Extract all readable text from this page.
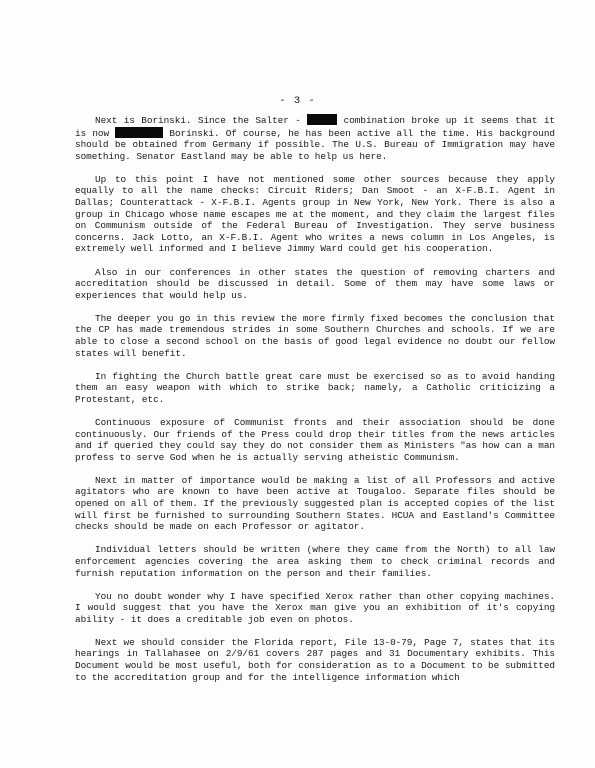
- 3 -

Next is Borinski. Since the Salter -	combination broke up it seems that it is now	Borinski. Of course, he has been active all the time. His background should be obtained from Germany if possible. The U.S. Bureau of Immigration may have something. Senator Eastland may be able to help us here.

Up to this point I have not mentioned some other sources because they apply equally to all the name checks: Circuit Riders; Dan Smoot - an X-F.B.I. Agent in Dallas; Counterattack - X-F.B.I. Agents group in New York, New York. There is also a group in Chicago whose name escapes me at the moment, and they claim the largest files on Communism outside of the Federal Bureau of Investigation. They serve business concerns. Jack Lotto, an X-F.B.I. Agent who writes a news column in Los Angeles, is extremely well informed and I believe Jimmy Ward could get his cooperation.

Also in our conferences in other states the question of removing charters and accreditation should be discussed in detail. Some of them may have some laws or experiences that would help us.

The deeper you go in this review the more firmly fixed becomes the conclusion that the CP has made tremendous strides in some Southern Churches and schools. If we are able to close a second school on the basis of good legal evidence no doubt our fellow states will benefit.

In fighting the Church battle great care must be exercised so as to avoid handing them an easy weapon with which to strike back; namely, a Catholic criticizing a Protestant, etc.

Continuous exposure of Communist fronts and their association should be done continuously. Our friends of the Press could drop their titles from the news articles and if queried they could say they do not consider them as Ministers "as how can a man profess to serve God when he is actually serving atheistic Communism.

Next in matter of importance would be making a list of all Professors and active agitators who are known to have been active at Tougaloo. Separate files should be opened on all of them. If the previously suggested plan is accepted copies of the list will first be furnished to surrounding Southern States. HCUA and Eastland's Committee checks should be made on each Professor or agitator.

Individual letters should be written (where they came from the North) to all law enforcement agencies covering the area asking them to check criminal records and furnish reputation information on the person and their families.

You no doubt wonder why I have specified Xerox rather than other copying machines. I would suggest that you have the Xerox man give you an exhibition of it's copying ability - it does a creditable job even on photos.

Next we should consider the Florida report, File 13-0-79, Page 7, states that its hearings in Tallahasee on 2/9/61 covers 287 pages and 31 Documentary exhibits. This Document would be most useful, both for consideration as to a Document to be submitted to the accreditation group and for the intelligence information which
